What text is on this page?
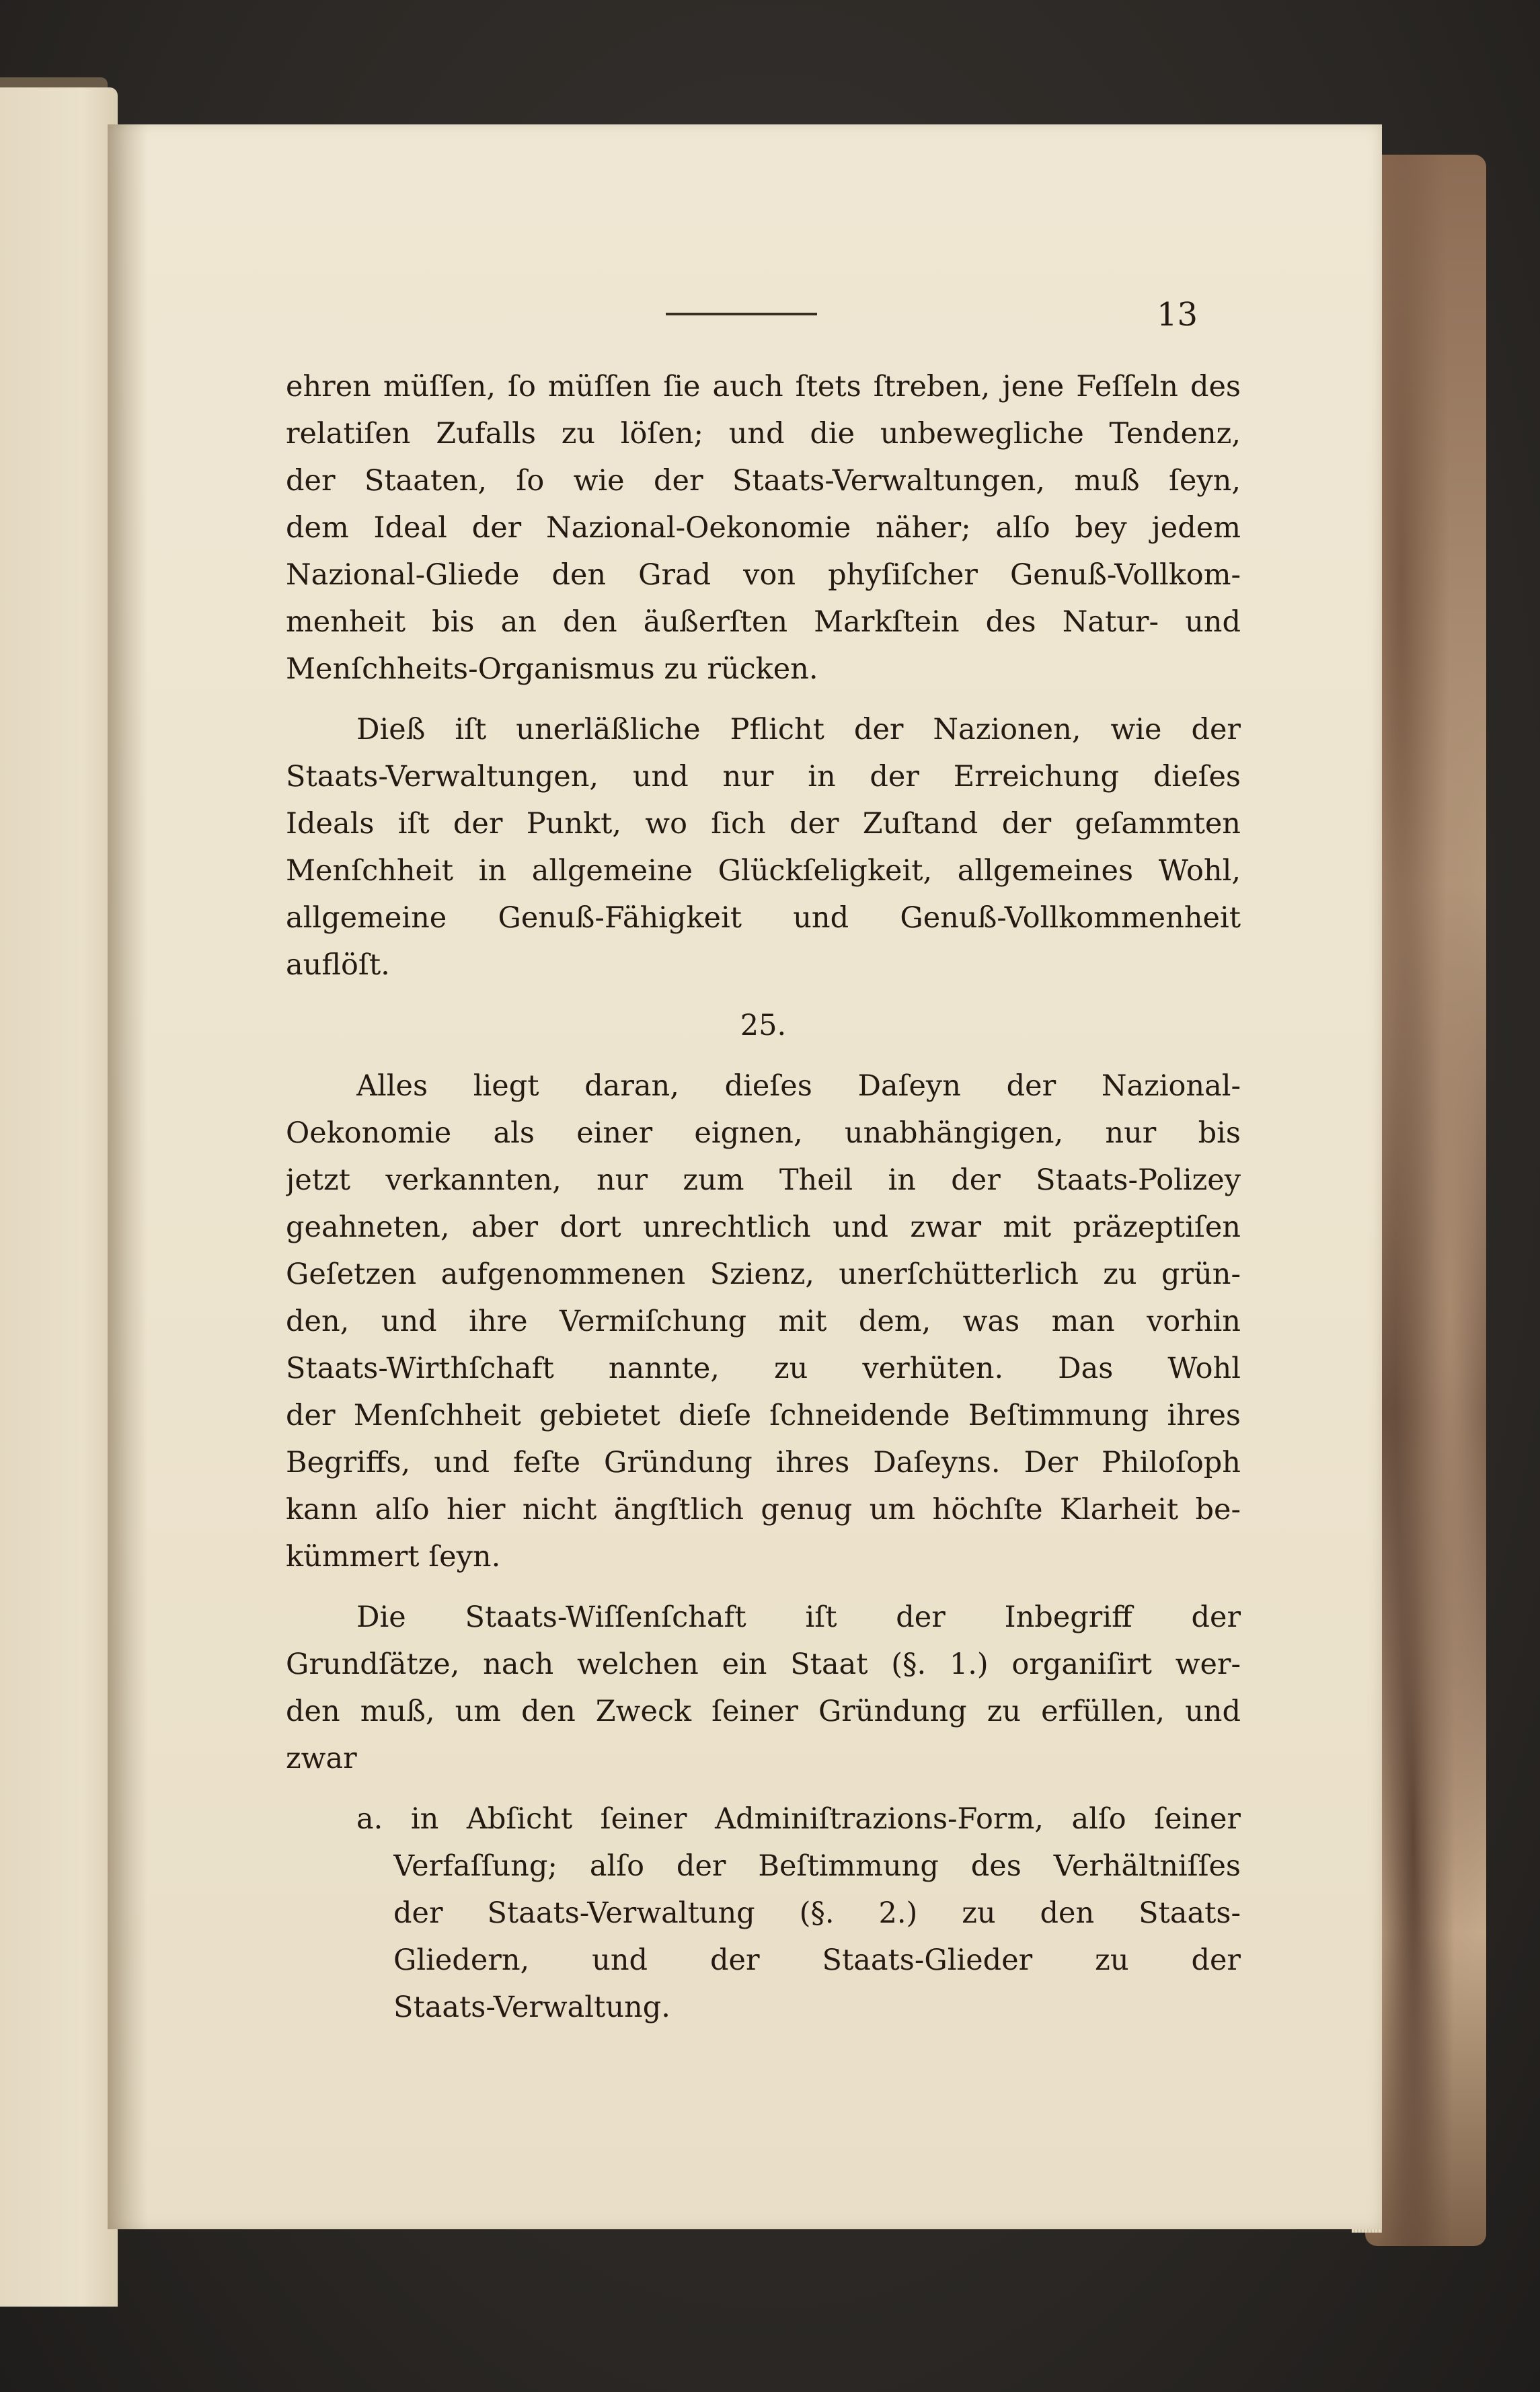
13
ehren müſſen, ſo müſſen ſie auch ſtets ſtreben, jene Feſſeln des
relatiſen Zufalls zu löſen; und die unbewegliche Tendenz,
der Staaten, ſo wie der Staats-Verwaltungen, muß ſeyn,
dem Ideal der Nazional-Oekonomie näher; alſo bey jedem
Nazional-Gliede den Grad von phyſiſcher Genuß-Vollkom-
menheit bis an den äußerſten Markſtein des Natur- und
Menſchheits-Organismus zu rücken.
Dieß iſt unerläßliche Pflicht der Nazionen, wie der
Staats-Verwaltungen, und nur in der Erreichung dieſes
Ideals iſt der Punkt, wo ſich der Zuſtand der geſammten
Menſchheit in allgemeine Glückſeligkeit, allgemeines Wohl,
allgemeine Genuß-Fähigkeit und Genuß-Vollkommenheit
auflöſt.
25.
Alles liegt daran, dieſes Daſeyn der Nazional-
Oekonomie als einer eignen, unabhängigen, nur bis
jetzt verkannten, nur zum Theil in der Staats-Polizey
geahneten, aber dort unrechtlich und zwar mit präzeptiſen
Geſetzen aufgenommenen Szienz, unerſchütterlich zu grün-
den, und ihre Vermiſchung mit dem, was man vorhin
Staats-Wirthſchaft nannte, zu verhüten. Das Wohl
der Menſchheit gebietet dieſe ſchneidende Beſtimmung ihres
Begriffs, und feſte Gründung ihres Daſeyns. Der Philoſoph
kann alſo hier nicht ängſtlich genug um höchſte Klarheit be-
kümmert ſeyn.
Die Staats-Wiſſenſchaft iſt der Inbegriff der
Grundſätze, nach welchen ein Staat (§. 1.) organiſirt wer-
den muß, um den Zweck ſeiner Gründung zu erfüllen, und
zwar
a. in Abſicht ſeiner Adminiſtrazions-Form, alſo ſeiner
Verfaſſung; alſo der Beſtimmung des Verhältniſſes
der Staats-Verwaltung (§. 2.) zu den Staats-
Gliedern, und der Staats-Glieder zu der
Staats-Verwaltung.
